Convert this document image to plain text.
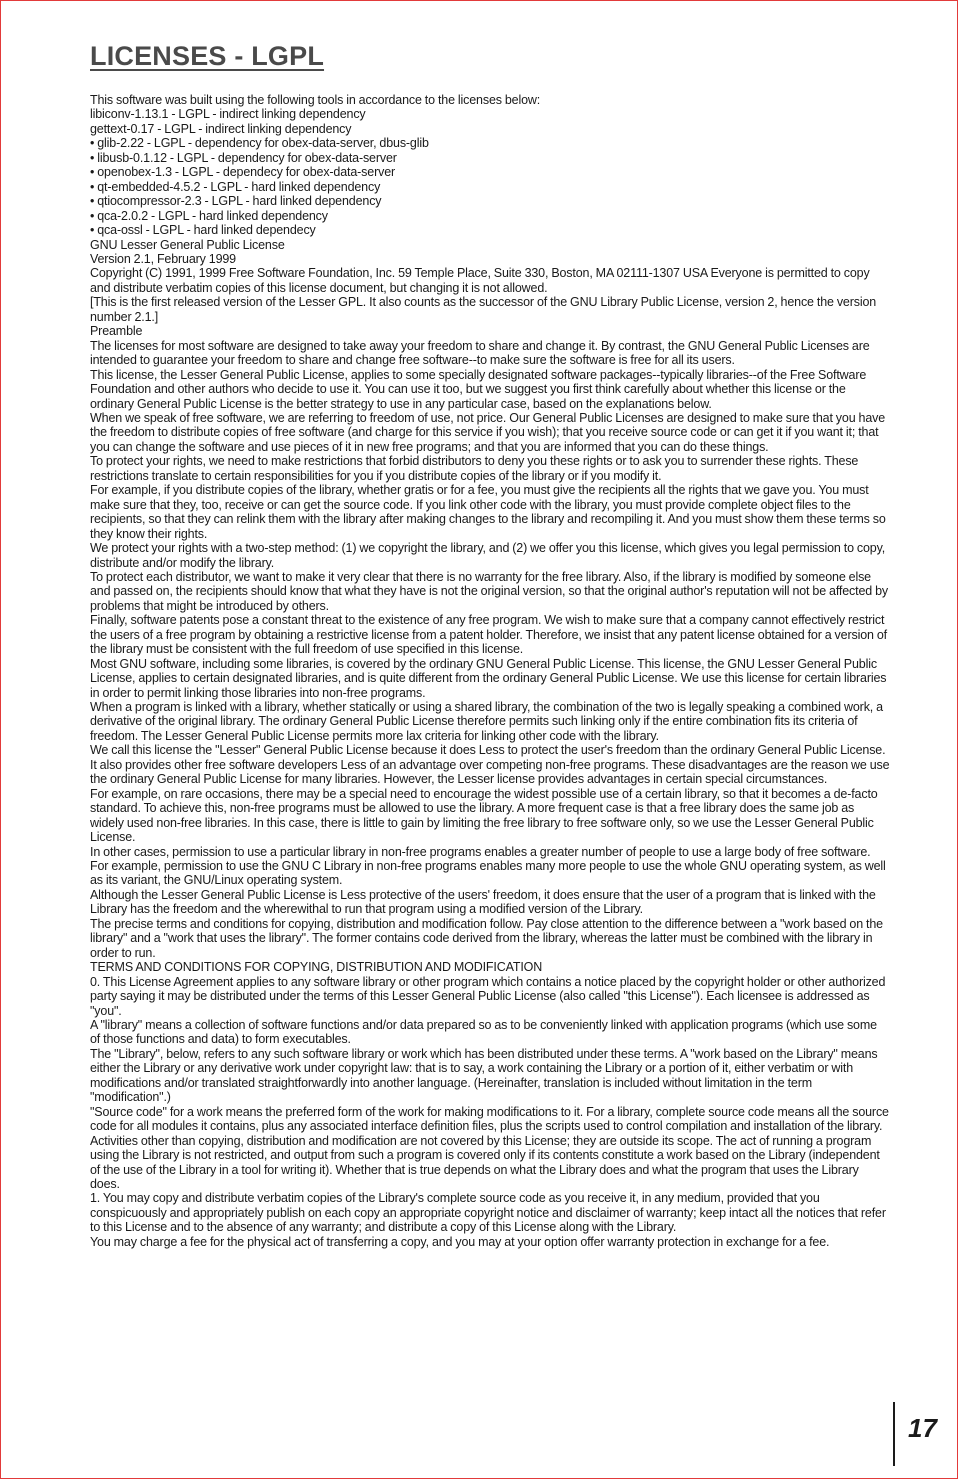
LICENSES - LGPL

This software was built using the following tools in accordance to the licenses below:

libiconv-1.13.1 - LGPL - indirect linking dependency

gettext-0.17 - LGPL - indirect linking dependency

• glib-2.22 - LGPL - dependency for obex-data-server, dbus-glib

• libusb-0.1.12 - LGPL - dependency for obex-data-server

• openobex-1.3 - LGPL - dependecy for obex-data-server

• qt-embedded-4.5.2 - LGPL - hard linked dependency

• qtiocompressor-2.3 - LGPL - hard linked dependency

• qca-2.0.2 - LGPL - hard linked dependency

• qca-ossl - LGPL - hard linked dependecy

GNU Lesser General Public License

Version 2.1, February 1999

Copyright (C) 1991, 1999 Free Software Foundation, Inc. 59 Temple Place, Suite 330, Boston, MA 02111-1307 USA Everyone is permitted to copy and distribute verbatim copies of this license document, but changing it is not allowed.

[This is the first released version of the Lesser GPL. It also counts as the successor of the GNU Library Public License, version 2, hence the version number 2.1.]

Preamble

The licenses for most software are designed to take away your freedom to share and change it. By contrast, the GNU General Public Licenses are intended to guarantee your freedom to share and change free software--to make sure the software is free for all its users.

This license, the Lesser General Public License, applies to some specially designated software packages--typically libraries--of the Free Software Foundation and other authors who decide to use it. You can use it too, but we suggest you first think carefully about whether this license or the ordinary General Public License is the better strategy to use in any particular case, based on the explanations below.

When we speak of free software, we are referring to freedom of use, not price. Our General Public Licenses are designed to make sure that you have the freedom to distribute copies of free software (and charge for this service if you wish); that you receive source code or can get it if you want it; that you can change the software and use pieces of it in new free programs; and that you are informed that you can do these things.

To protect your rights, we need to make restrictions that forbid distributors to deny you these rights or to ask you to surrender these rights. These restrictions translate to certain responsibilities for you if you distribute copies of the library or if you modify it.

For example, if you distribute copies of the library, whether gratis or for a fee, you must give the recipients all the rights that we gave you. You must make sure that they, too, receive or can get the source code. If you link other code with the library, you must provide complete object files to the recipients, so that they can relink them with the library after making changes to the library and recompiling it. And you must show them these terms so they know their rights.

We protect your rights with a two-step method: (1) we copyright the library, and (2) we offer you this license, which gives you legal permission to copy, distribute and/or modify the library.

To protect each distributor, we want to make it very clear that there is no warranty for the free library. Also, if the library is modified by someone else and passed on, the recipients should know that what they have is not the original version, so that the original author's reputation will not be affected by problems that might be introduced by others.

Finally, software patents pose a constant threat to the existence of any free program. We wish to make sure that a company cannot effectively restrict the users of a free program by obtaining a restrictive license from a patent holder. Therefore, we insist that any patent license obtained for a version of the library must be consistent with the full freedom of use specified in this license.

Most GNU software, including some libraries, is covered by the ordinary GNU General Public License. This license, the GNU Lesser General Public License, applies to certain designated libraries, and is quite different from the ordinary General Public License. We use this license for certain libraries in order to permit linking those libraries into non-free programs.

When a program is linked with a library, whether statically or using a shared library, the combination of the two is legally speaking a combined work, a derivative of the original library. The ordinary General Public License therefore permits such linking only if the entire combination fits its criteria of freedom. The Lesser General Public License permits more lax criteria for linking other code with the library.

We call this license the "Lesser" General Public License because it does Less to protect the user's freedom than the ordinary General Public License. It also provides other free software developers Less of an advantage over competing non-free programs. These disadvantages are the reason we use the ordinary General Public License for many libraries. However, the Lesser license provides advantages in certain special circumstances.

For example, on rare occasions, there may be a special need to encourage the widest possible use of a certain library, so that it becomes a de-facto standard. To achieve this, non-free programs must be allowed to use the library. A more frequent case is that a free library does the same job as widely used non-free libraries. In this case, there is little to gain by limiting the free library to free software only, so we use the Lesser General Public License.

In other cases, permission to use a particular library in non-free programs enables a greater number of people to use a large body of free software. For example, permission to use the GNU C Library in non-free programs enables many more people to use the whole GNU operating system, as well as its variant, the GNU/Linux operating system.

Although the Lesser General Public License is Less protective of the users' freedom, it does ensure that the user of a program that is linked with the Library has the freedom and the wherewithal to run that program using a modified version of the Library.

The precise terms and conditions for copying, distribution and modification follow. Pay close attention to the difference between a "work based on the library" and a "work that uses the library". The former contains code derived from the library, whereas the latter must be combined with the library in order to run.

TERMS AND CONDITIONS FOR COPYING, DISTRIBUTION AND MODIFICATION

0. This License Agreement applies to any software library or other program which contains a notice placed by the copyright holder or other authorized party saying it may be distributed under the terms of this Lesser General Public License (also called "this License"). Each licensee is addressed as "you".

A "library" means a collection of software functions and/or data prepared so as to be conveniently linked with application programs (which use some of those functions and data) to form executables.

The "Library", below, refers to any such software library or work which has been distributed under these terms. A "work based on the Library" means either the Library or any derivative work under copyright law: that is to say, a work containing the Library or a portion of it, either verbatim or with modifications and/or translated straightforwardly into another language. (Hereinafter, translation is included without limitation in the term "modification".)

"Source code" for a work means the preferred form of the work for making modifications to it. For a library, complete source code means all the source code for all modules it contains, plus any associated interface definition files, plus the scripts used to control compilation and installation of the library.

Activities other than copying, distribution and modification are not covered by this License; they are outside its scope. The act of running a program using the Library is not restricted, and output from such a program is covered only if its contents constitute a work based on the Library (independent of the use of the Library in a tool for writing it). Whether that is true depends on what the Library does and what the program that uses the Library does.

1. You may copy and distribute verbatim copies of the Library's complete source code as you receive it, in any medium, provided that you conspicuously and appropriately publish on each copy an appropriate copyright notice and disclaimer of warranty; keep intact all the notices that refer to this License and to the absence of any warranty; and distribute a copy of this License along with the Library.

You may charge a fee for the physical act of transferring a copy, and you may at your option offer warranty protection in exchange for a fee.

17
